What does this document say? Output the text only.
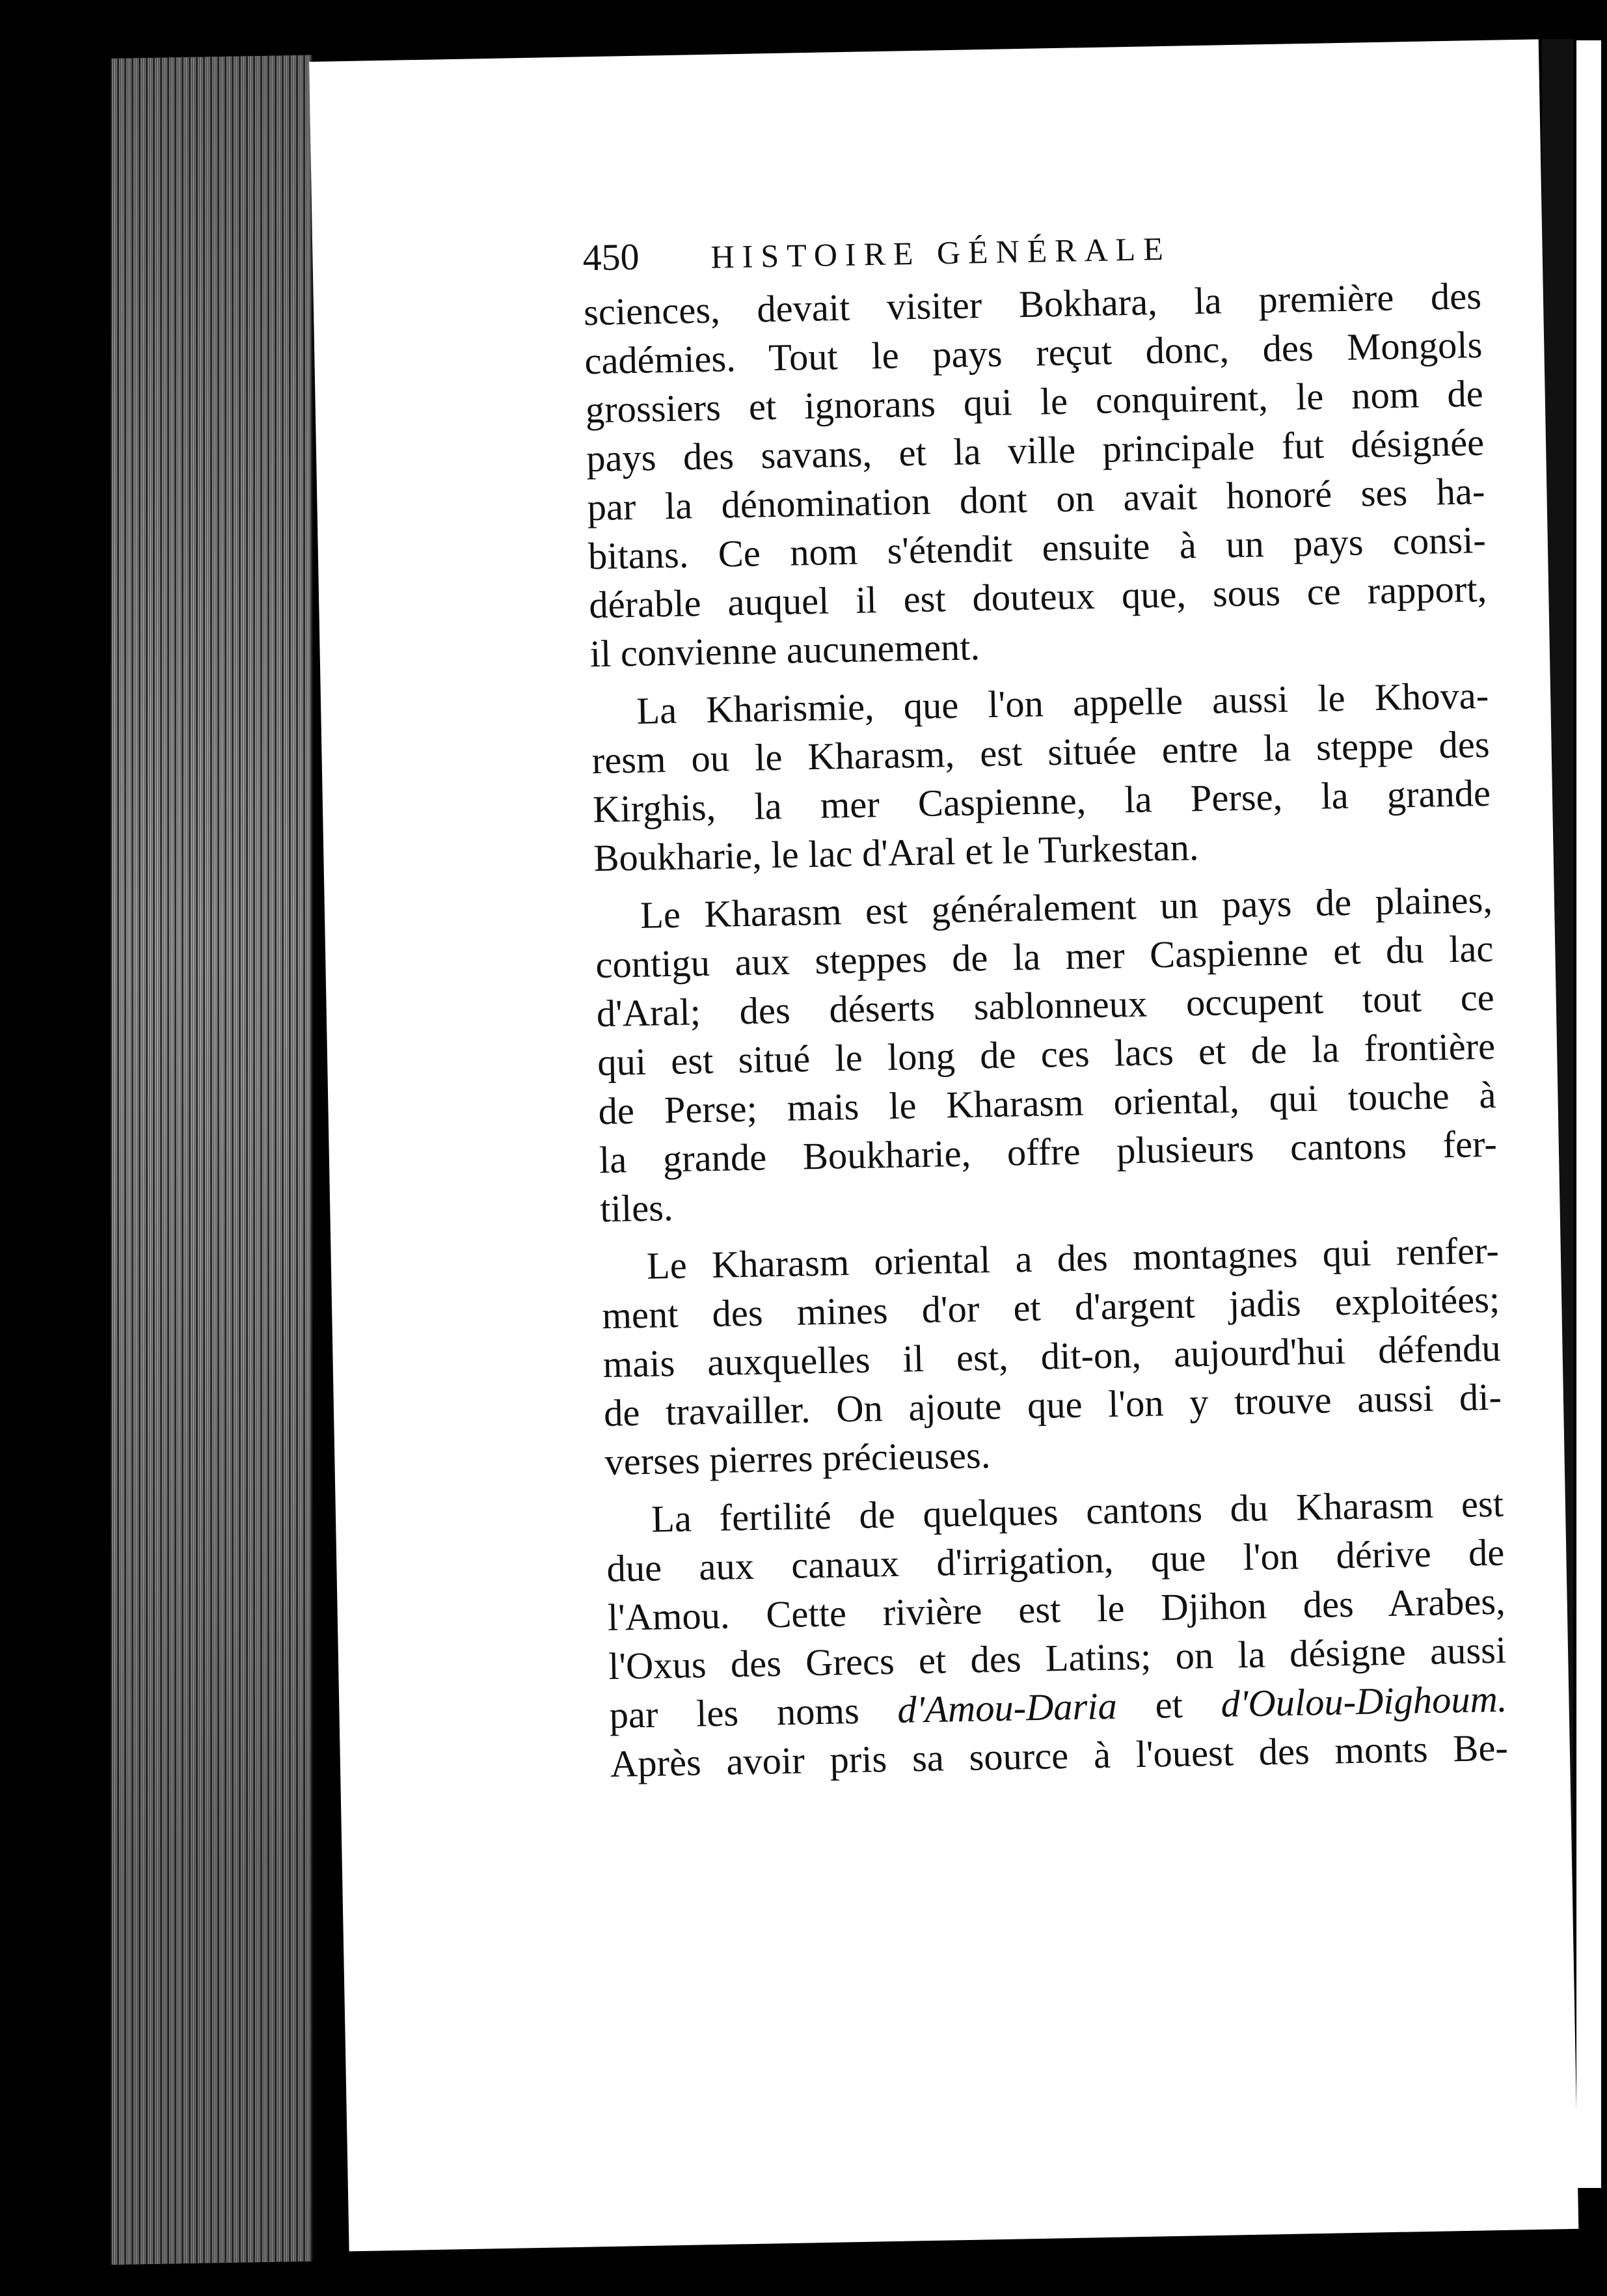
450 HISTOIRE GÉNÉRALE
sciences, devait visiter Bokhara, la première des
cadémies. Tout le pays reçut donc, des Mongols
grossiers et ignorans qui le conquirent, le nom de
pays des savans, et la ville principale fut désignée
par la dénomination dont on avait honoré ses ha-
bitans. Ce nom s'étendit ensuite à un pays consi-
dérable auquel il est douteux que, sous ce rapport,
il convienne aucunement.
La Kharismie, que l'on appelle aussi le Khova-
resm ou le Kharasm, est située entre la steppe des
Kirghis, la mer Caspienne, la Perse, la grande
Boukharie, le lac d'Aral et le Turkestan.
Le Kharasm est généralement un pays de plaines,
contigu aux steppes de la mer Caspienne et du lac
d'Aral; des déserts sablonneux occupent tout ce
qui est situé le long de ces lacs et de la frontière
de Perse; mais le Kharasm oriental, qui touche à
la grande Boukharie, offre plusieurs cantons fer-
tiles.
Le Kharasm oriental a des montagnes qui renfer-
ment des mines d'or et d'argent jadis exploitées;
mais auxquelles il est, dit-on, aujourd'hui défendu
de travailler. On ajoute que l'on y trouve aussi di-
verses pierres précieuses.
La fertilité de quelques cantons du Kharasm est
due aux canaux d'irrigation, que l'on dérive de
l'Amou. Cette rivière est le Djihon des Arabes,
l'Oxus des Grecs et des Latins; on la désigne aussi
par les noms d'Amou-Daria et d'Oulou-Dighoum.
Après avoir pris sa source à l'ouest des monts Be-
